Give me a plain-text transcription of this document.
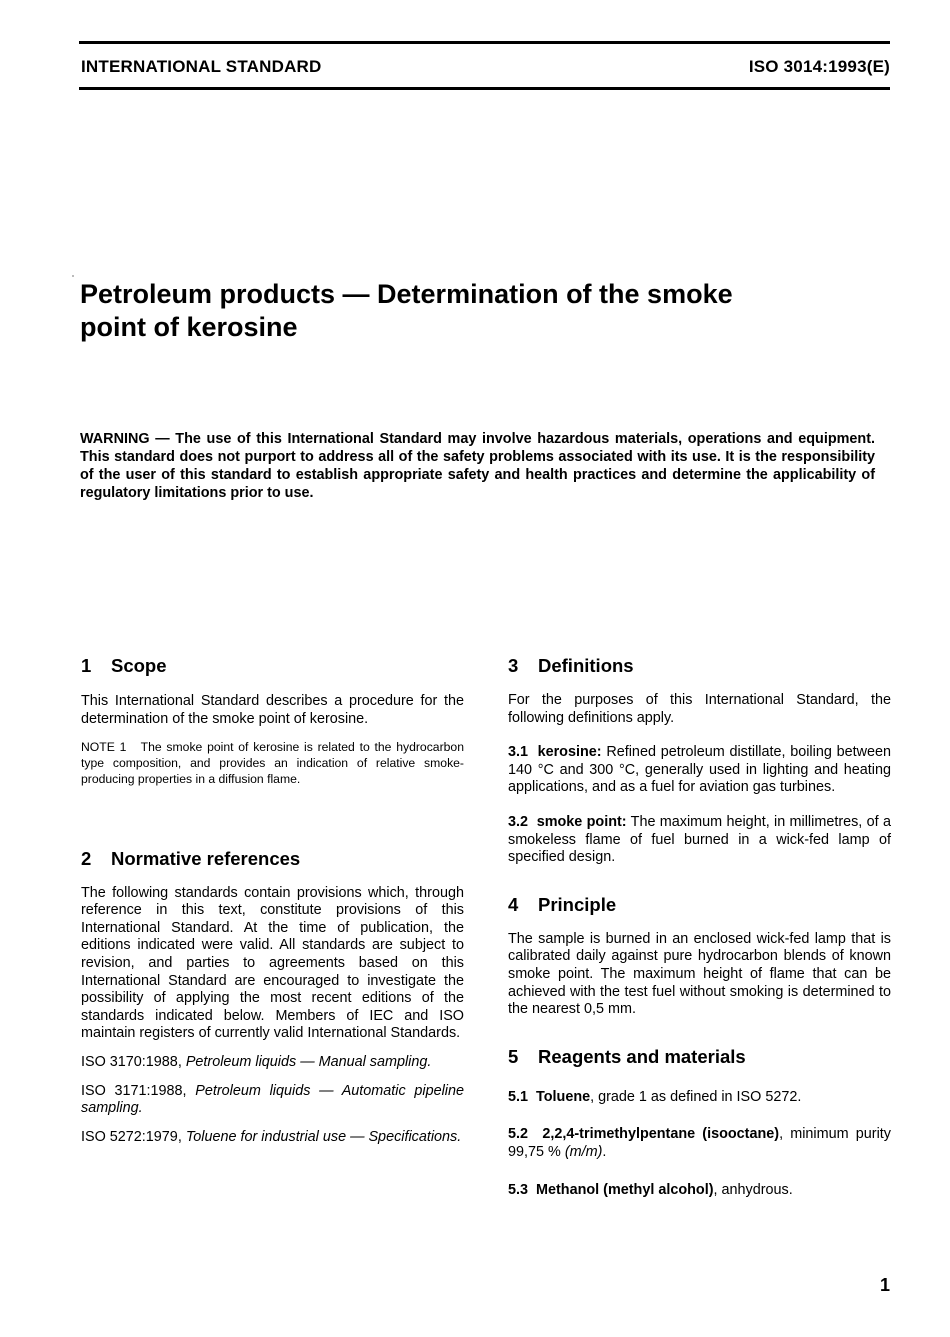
INTERNATIONAL STANDARD	ISO 3014:1993(E)
Petroleum products — Determination of the smoke
point of kerosine
WARNING — The use of this International Standard may involve hazardous materials, operations and equipment. This standard does not purport to address all of the safety problems associated with its use. It is the responsibility of the user of this standard to establish appropriate safety and health practices and determine the applicability of regulatory limitations prior to use.
1 Scope

This International Standard describes a procedure for the determination of the smoke point of kerosine.

NOTE 1 The smoke point of kerosine is related to the hydrocarbon type composition, and provides an indication of relative smoke-producing properties in a diffusion flame.

2 Normative references

The following standards contain provisions which, through reference in this text, constitute provisions of this International Standard. At the time of publication, the editions indicated were valid. All standards are subject to revision, and parties to agreements based on this International Standard are encouraged to investigate the possibility of applying the most recent editions of the standards indicated below. Members of IEC and ISO maintain registers of currently valid International Standards.

ISO 3170:1988, Petroleum liquids — Manual sampling.

ISO 3171:1988, Petroleum liquids — Automatic pipeline sampling.

ISO 5272:1979, Toluene for industrial use — Specifications.

3 Definitions

For the purposes of this International Standard, the following definitions apply.

3.1 kerosine: Refined petroleum distillate, boiling between 140 °C and 300 °C, generally used in lighting and heating applications, and as a fuel for aviation gas turbines.

3.2 smoke point: The maximum height, in millimetres, of a smokeless flame of fuel burned in a wick-fed lamp of specified design.

4 Principle

The sample is burned in an enclosed wick-fed lamp that is calibrated daily against pure hydrocarbon blends of known smoke point. The maximum height of flame that can be achieved with the test fuel without smoking is determined to the nearest 0,5 mm.

5 Reagents and materials

5.1 Toluene, grade 1 as defined in ISO 5272.

5.2 2,2,4-trimethylpentane (isooctane), minimum purity 99,75 % (m/m).

5.3 Methanol (methyl alcohol), anhydrous.

1
